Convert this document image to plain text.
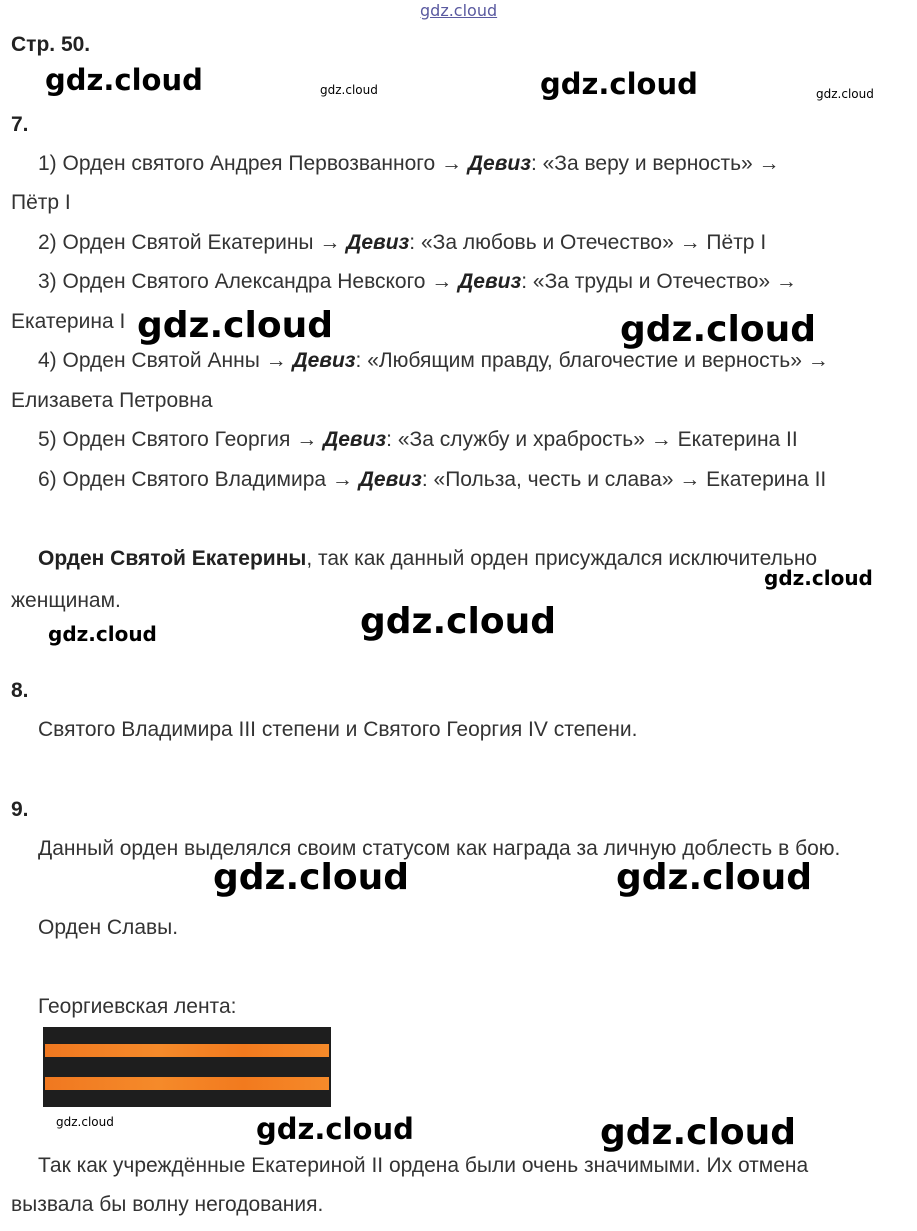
gdz.cloud
Стр. 50.
gdz.cloud	gdz.cloud	gdz.cloud	gdz.cloud
7.
1) Орден святого Андрея Первозванного → Девиз: «За веру и верность» →
Пётр I
2) Орден Святой Екатерины → Девиз: «За любовь и Отечество» → Пётр I
3) Орден Святого Александра Невского → Девиз: «За труды и Отечество» →
Екатерина I
4) Орден Святой Анны → Девиз: «Любящим правду, благочестие и верность» →
Елизавета Петровна
5) Орден Святого Георгия → Девиз: «За службу и храбрость» → Екатерина II
6) Орден Святого Владимира → Девиз: «Польза, честь и слава» → Екатерина II
gdz.cloud	gdz.cloud
Орден Святой Екатерины, так как данный орден присуждался исключительно
женщинам.
gdz.cloud
gdz.cloud	gdz.cloud
8.
Святого Владимира III степени и Святого Георгия IV степени.
9.
Данный орден выделялся своим статусом как награда за личную доблесть в бою.
gdz.cloud	gdz.cloud
Орден Славы.
Георгиевская лента:
gdz.cloud	gdz.cloud	gdz.cloud
Так как учреждённые Екатериной II ордена были очень значимыми. Их отмена
вызвала бы волну негодования.
